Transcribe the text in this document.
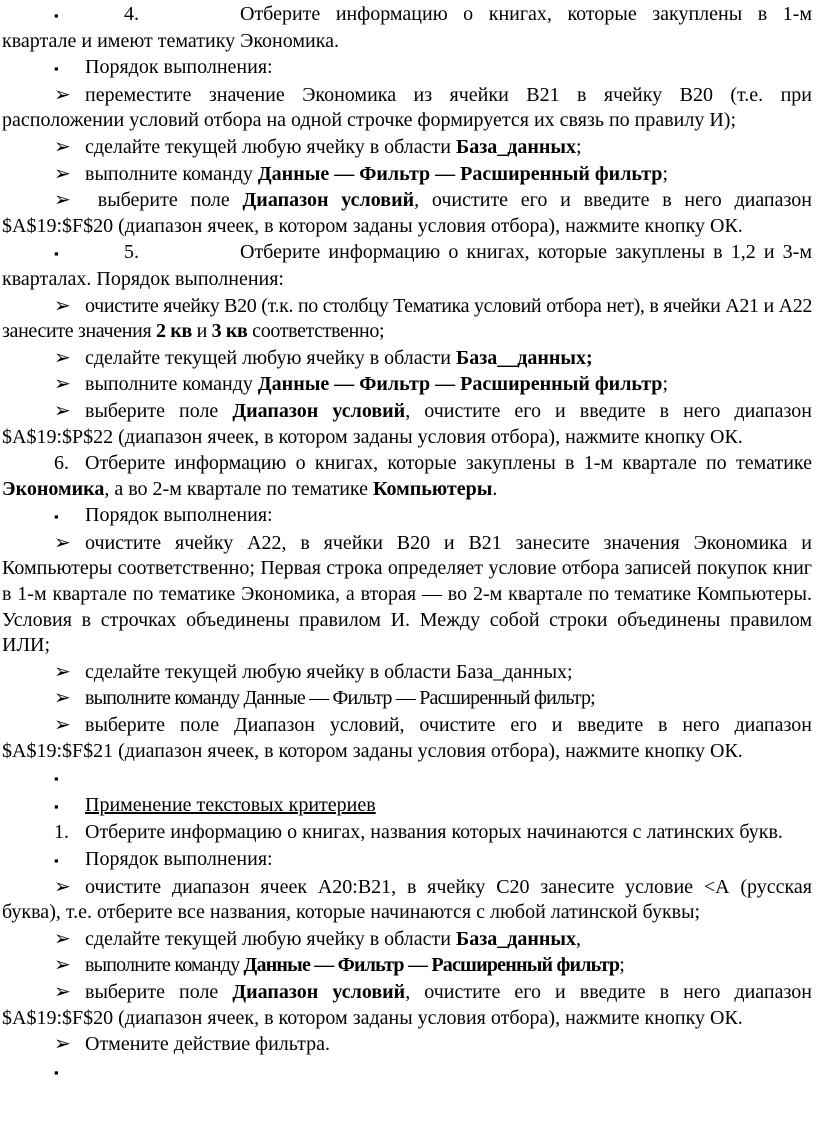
▪	4.	Отберите информацию о книгах, которые закуплены в 1-м квартале и имеют тематику Экономика.

▪ Порядок выполнения:

➢ переместите значение Экономика из ячейки B21 в ячейку B20 (т.е. при расположении условий отбора на одной строчке формируется их связь по правилу И);

➢ сделайте текущей любую ячейку в области База_данных;

➢ выполните команду Данные — Фильтр — Расширенный фильтр;

➢ выберите поле Диапазон условий, очистите его и введите в него диапазон $A$19:$F$20 (диапазон ячеек, в котором заданы условия отбора), нажмите кнопку ОК.

▪	5.	Отберите информацию о книгах, которые закуплены в 1,2 и 3-м кварталах. Порядок выполнения:

➢ очистите ячейку B20 (т.к. по столбцу Тематика условий отбора нет), в ячейки A21 и A22 занесите значения 2 кв и 3 кв соответственно;

➢ сделайте текущей любую ячейку в области База__данных;

➢ выполните команду Данные — Фильтр — Расширенный фильтр;

➢ выберите поле Диапазон условий, очистите его и введите в него диапазон $A$19:$P$22 (диапазон ячеек, в котором заданы условия отбора), нажмите кнопку ОК.

6. Отберите информацию о книгах, которые закуплены в 1-м квартале по тематике Экономика, а во 2-м квартале по тематике Компьютеры.

▪ Порядок выполнения:

➢ очистите ячейку A22, в ячейки B20 и B21 занесите значения Экономика и Компьютеры соответственно; Первая строка определяет условие отбора записей покупок книг в 1-м квартале по тематике Экономика, а вторая — во 2-м квартале по тематике Компьютеры. Условия в строчках объединены правилом И. Между собой строки объединены правилом ИЛИ;

➢ сделайте текущей любую ячейку в области База_данных;

➢ выполните команду Данные — Фильтр — Расширенный фильтр;

➢ выберите поле Диапазон условий, очистите его и введите в него диапазон $A$19:$F$21 (диапазон ячеек, в котором заданы условия отбора), нажмите кнопку ОК.

▪

▪ Применение текстовых критериев

1. Отберите информацию о книгах, названия которых начинаются с латинских букв.

▪ Порядок выполнения:

➢ очистите диапазон ячеек A20:B21, в ячейку C20 занесите условие <А (русская буква), т.е. отберите все названия, которые начинаются с любой латинской буквы;

➢ сделайте текущей любую ячейку в области База_данных,

➢ выполните команду Данные — Фильтр — Расширенный фильтр;

➢ выберите поле Диапазон условий, очистите его и введите в него диапазон $A$19:$F$20 (диапазон ячеек, в котором заданы условия отбора), нажмите кнопку ОК.

➢ Отмените действие фильтра.

▪
